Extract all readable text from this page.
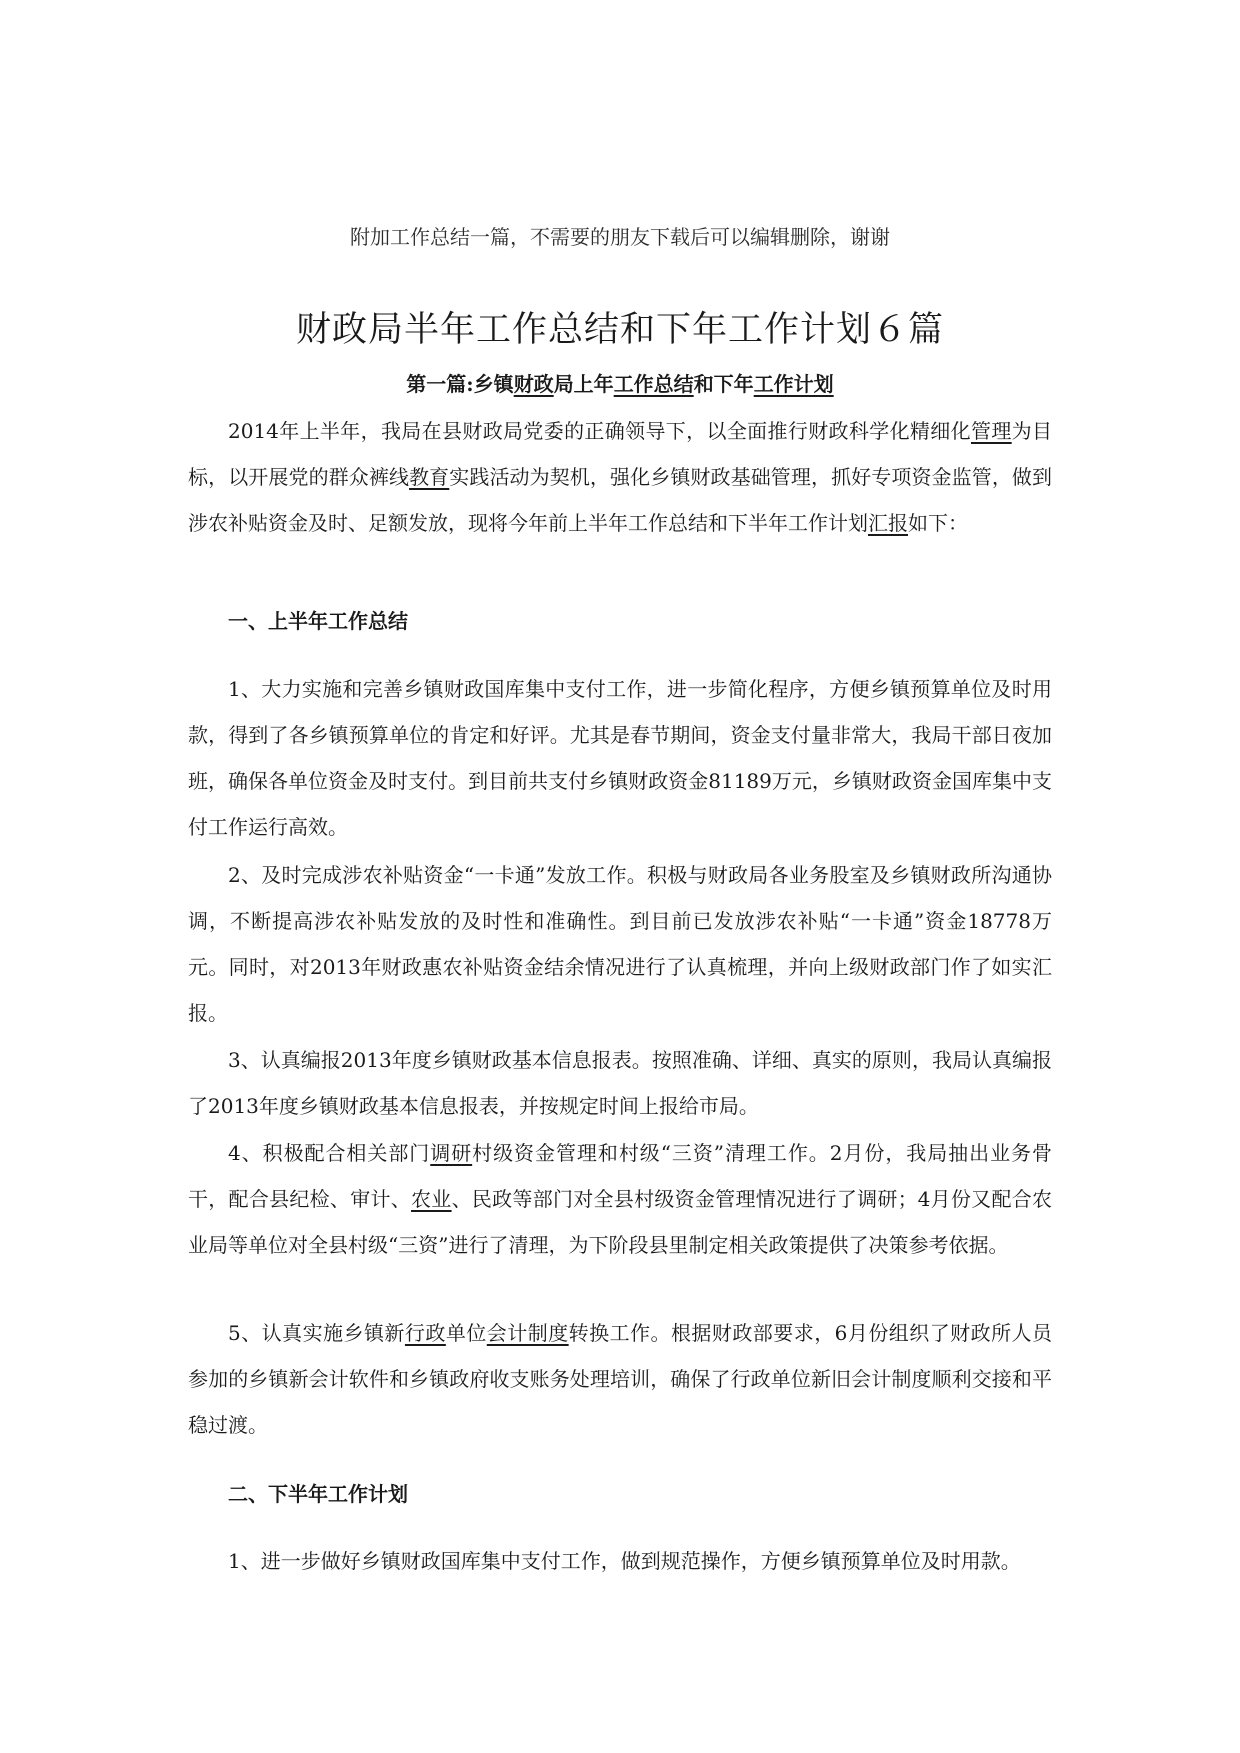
附加工作总结一篇，不需要的朋友下载后可以编辑删除，谢谢
财政局半年工作总结和下年工作计划６篇
第一篇:乡镇财政局上年工作总结和下年工作计划

2014年上半年，我局在县财政局党委的正确领导下，以全面推行财政科学化精细化管理为目标，以开展党的群众裤线教育实践活动为契机，强化乡镇财政基础管理，抓好专项资金监管，做到涉农补贴资金及时、足额发放，现将今年前上半年工作总结和下半年工作计划汇报如下：

一、上半年工作总结

1、大力实施和完善乡镇财政国库集中支付工作，进一步简化程序，方便乡镇预算单位及时用款，得到了各乡镇预算单位的肯定和好评。尤其是春节期间，资金支付量非常大，我局干部日夜加班，确保各单位资金及时支付。到目前共支付乡镇财政资金81189万元，乡镇财政资金国库集中支付工作运行高效。

2、及时完成涉农补贴资金“一卡通”发放工作。积极与财政局各业务股室及乡镇财政所沟通协调，不断提高涉农补贴发放的及时性和准确性。到目前已发放涉农补贴“一卡通”资金18778万元。同时，对2013年财政惠农补贴资金结余情况进行了认真梳理，并向上级财政部门作了如实汇报。

3、认真编报2013年度乡镇财政基本信息报表。按照准确、详细、真实的原则，我局认真编报了2013年度乡镇财政基本信息报表，并按规定时间上报给市局。

4、积极配合相关部门调研村级资金管理和村级“三资”清理工作。2月份，我局抽出业务骨干，配合县纪检、审计、农业、民政等部门对全县村级资金管理情况进行了调研；4月份又配合农业局等单位对全县村级“三资”进行了清理，为下阶段县里制定相关政策提供了决策参考依据。

5、认真实施乡镇新行政单位会计制度转换工作。根据财政部要求，6月份组织了财政所人员参加的乡镇新会计软件和乡镇政府收支账务处理培训，确保了行政单位新旧会计制度顺利交接和平稳过渡。

二、下半年工作计划

1、进一步做好乡镇财政国库集中支付工作，做到规范操作，方便乡镇预算单位及时用款。
